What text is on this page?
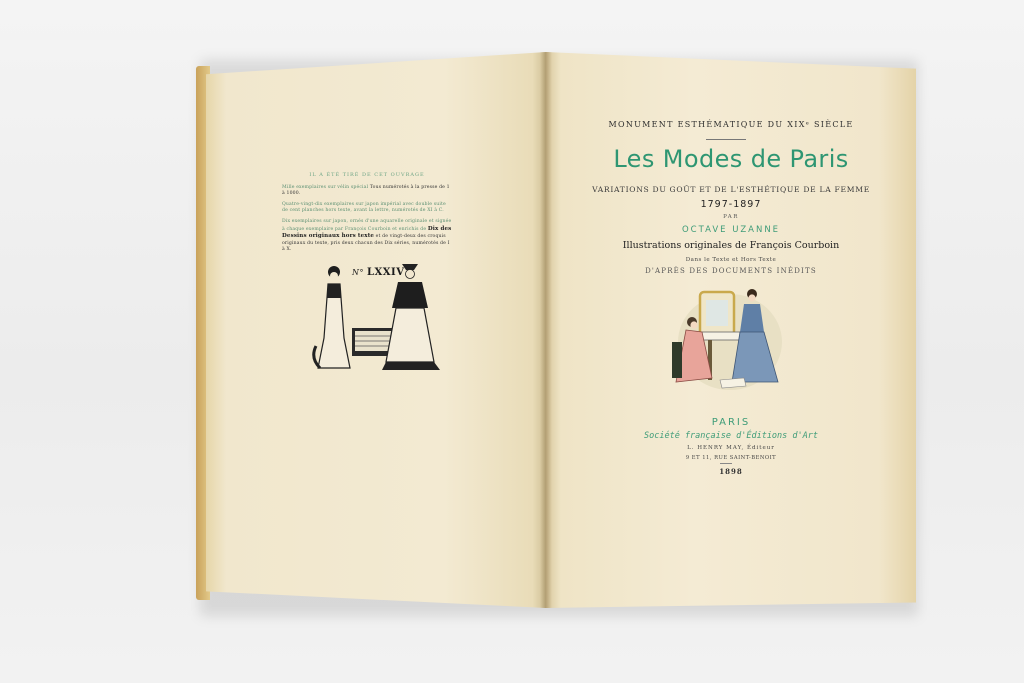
IL A ÉTÉ TIRÉ DE CET OUVRAGE

Mille exemplaires sur vélin spécial Tous numérotés à la presse de 1 à 1000.

Quatre-vingt-dix exemplaires sur japon impérial avec double suite de cent planches hors texte, avant la lettre, numérotés de XI à C.

Dix exemplaires sur japon, ornés d'une aquarelle originale et signée à chaque exemplaire par François Courboin et enrichis de Dix des Dessins originaux hors texte et de vingt-deux des croquis originaux du texte, pris deux chacun des Dix séries, numérotés de I à X.

N° LXXIV
MONUMENT ESTHÉMATIQUE DU XIXᵉ SIÈCLE
Les Modes de Paris
VARIATIONS DU GOÛT ET DE L'ESTHÉTIQUE DE LA FEMME
1797-1897
PAR
OCTAVE UZANNE
Illustrations originales de François Courboin
Dans le Texte et Hors Texte
D'APRÈS DES DOCUMENTS INÉDITS
PARIS
Société française d'Éditions d'Art
L. HENRY MAY, Éditeur
9 ET 11, RUE SAINT-BENOIT
1898
